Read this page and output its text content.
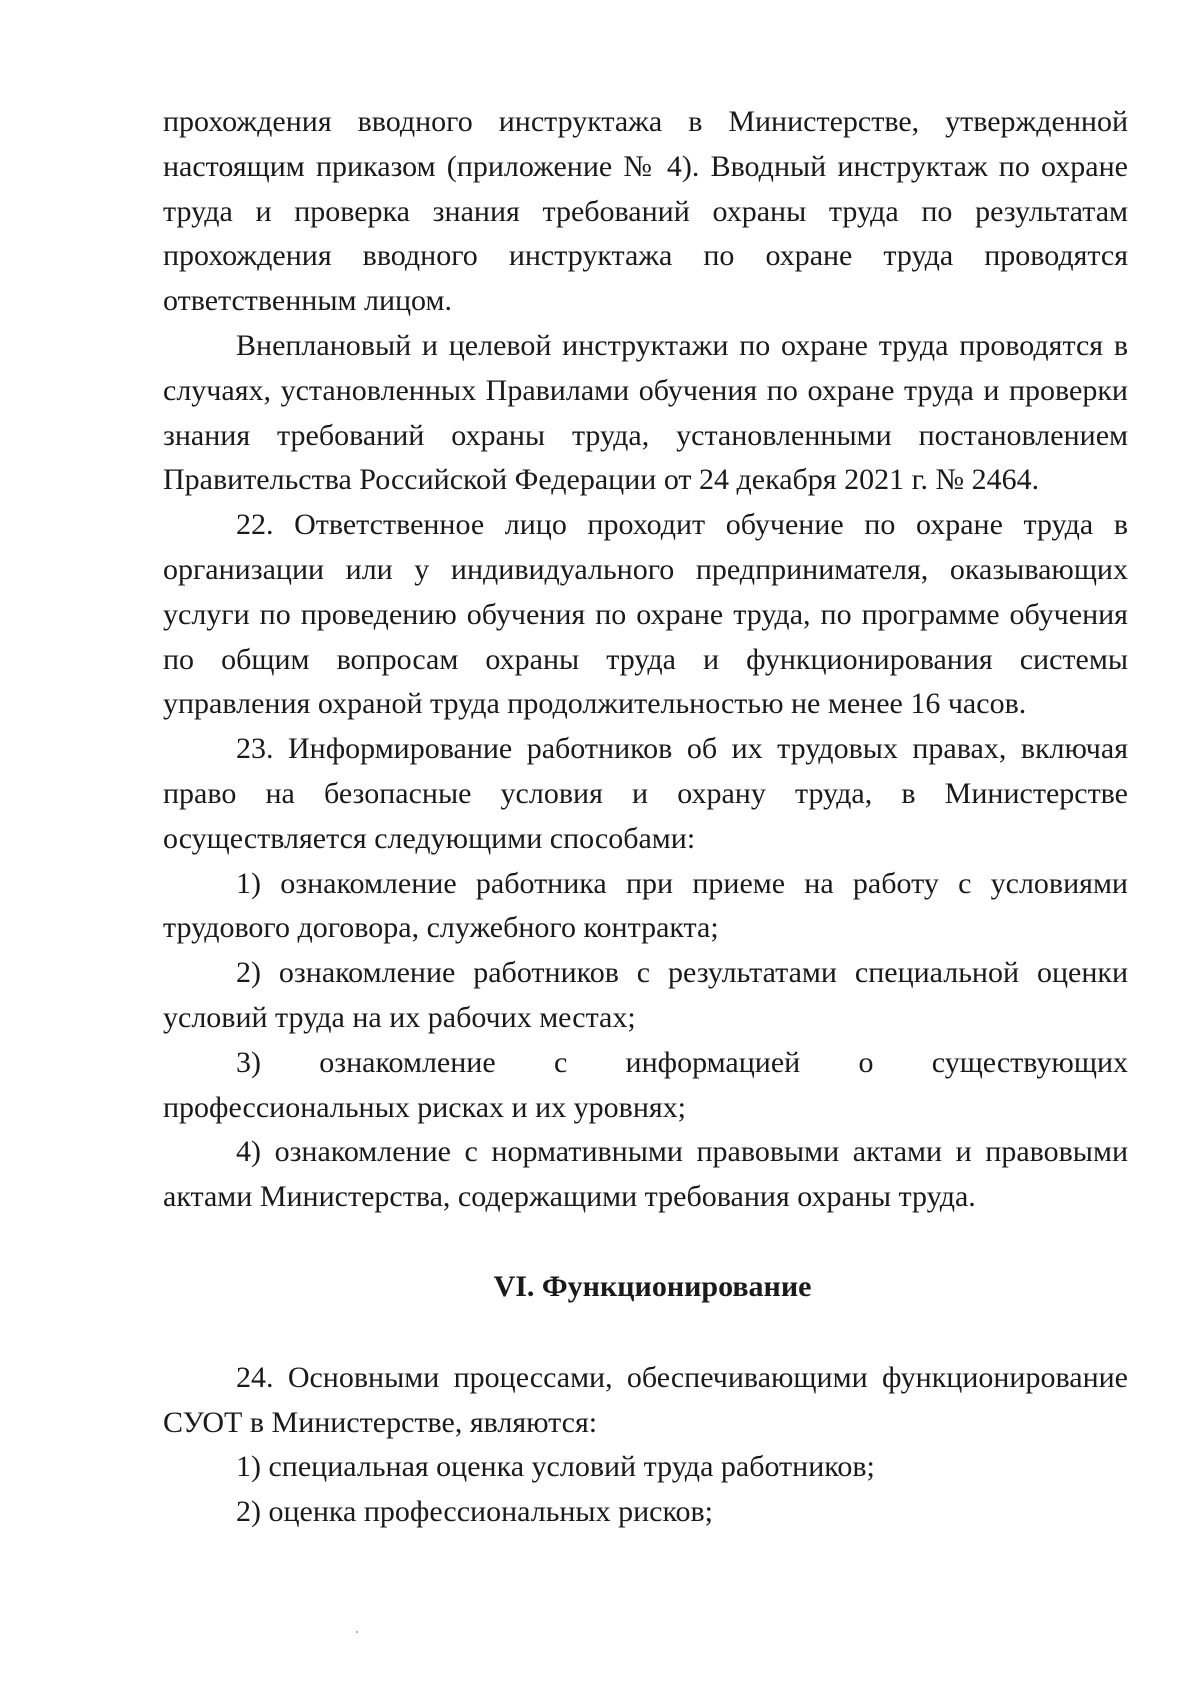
прохождения вводного инструктажа в Министерстве, утвержденной настоящим приказом (приложение № 4). Вводный инструктаж по охране труда и проверка знания требований охраны труда по результатам прохождения вводного инструктажа по охране труда проводятся ответственным лицом.

Внеплановый и целевой инструктажи по охране труда проводятся в случаях, установленных Правилами обучения по охране труда и проверки знания требований охраны труда, установленными постановлением Правительства Российской Федерации от 24 декабря 2021 г. № 2464.

22. Ответственное лицо проходит обучение по охране труда в организации или у индивидуального предпринимателя, оказывающих услуги по проведению обучения по охране труда, по программе обучения по общим вопросам охраны труда и функционирования системы управления охраной труда продолжительностью не менее 16 часов.

23. Информирование работников об их трудовых правах, включая право на безопасные условия и охрану труда, в Министерстве осуществляется следующими способами:

1) ознакомление работника при приеме на работу с условиями трудового договора, служебного контракта;

2) ознакомление работников с результатами специальной оценки условий труда на их рабочих местах;

3) ознакомление с информацией о существующих профессиональных рисках и их уровнях;

4) ознакомление с нормативными правовыми актами и правовыми актами Министерства, содержащими требования охраны труда.

VI. Функционирование

24. Основными процессами, обеспечивающими функционирование СУОТ в Министерстве, являются:

1) специальная оценка условий труда работников;

2) оценка профессиональных рисков;
